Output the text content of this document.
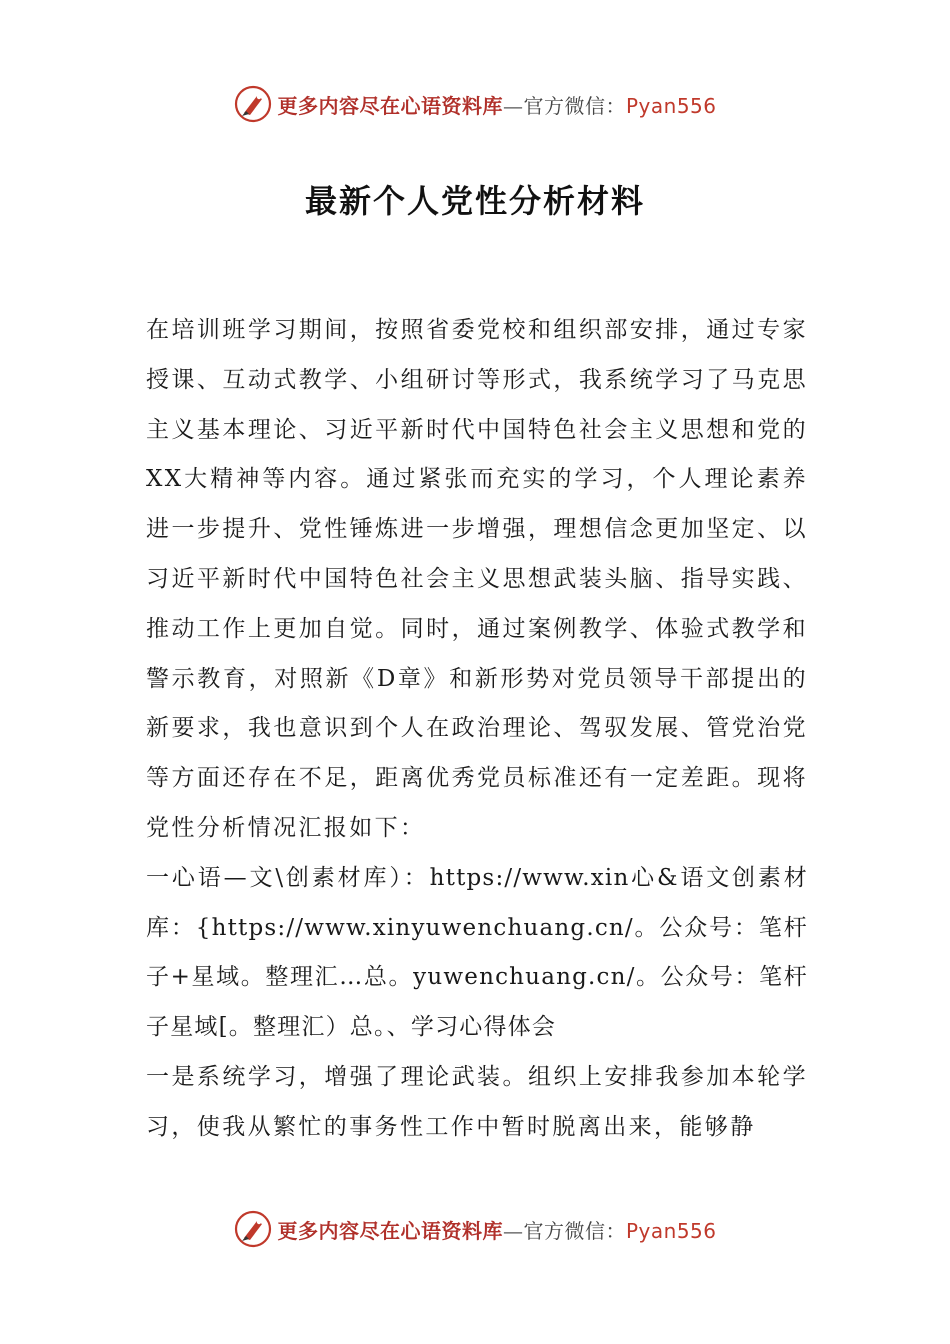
更多内容尽在心语资料库—官方微信：Pyan556
最新个人党性分析材料

在培训班学习期间，按照省委党校和组织部安排，通过专家授课、互动式教学、小组研讨等形式，我系统学习了马克思主义基本理论、习近平新时代中国特色社会主义思想和党的XX大精神等内容。通过紧张而充实的学习，个人理论素养进一步提升、党性锤炼进一步增强，理想信念更加坚定、以习近平新时代中国特色社会主义思想武装头脑、指导实践、推动工作上更加自觉。同时，通过案例教学、体验式教学和警示教育，对照新《D章》和新形势对党员领导干部提出的新要求，我也意识到个人在政治理论、驾驭发展、管党治党等方面还存在不足，距离优秀党员标准还有一定差距。现将党性分析情况汇报如下：

一心语—文\创素材库）：https://www.xin心&语文创素材库：{https://www.xinyuwenchuang.cn/。公众号：笔杆子+星域。整理汇…总。yuwenchuang.cn/。公众号：笔杆子星域[。整理汇）总。、学习心得体会

一是系统学习，增强了理论武装。组织上安排我参加本轮学习，使我从繁忙的事务性工作中暂时脱离出来，能够静

更多内容尽在心语资料库—官方微信：Pyan556
